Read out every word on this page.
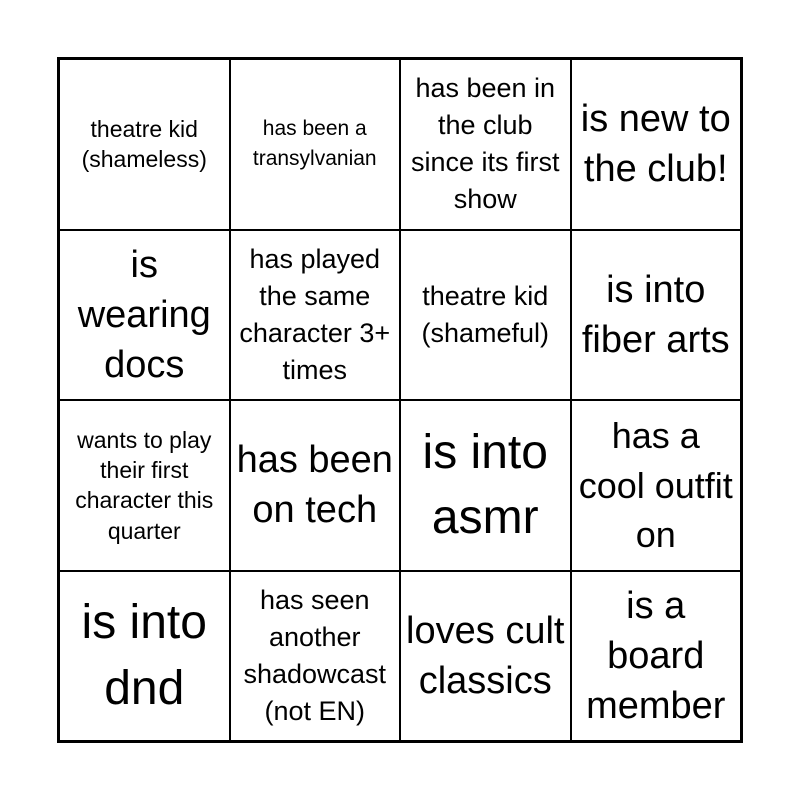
theatre kid (shameless)
has been a transylvanian
has been in the club since its first show
is new to the club!
is wearing docs
has played the same character 3+ times
theatre kid (shameful)
is into fiber arts
wants to play their first character this quarter
has been on tech
is into asmr
has a cool outfit on
is into dnd
has seen another shadowcast (not EN)
loves cult classics
is a board member
